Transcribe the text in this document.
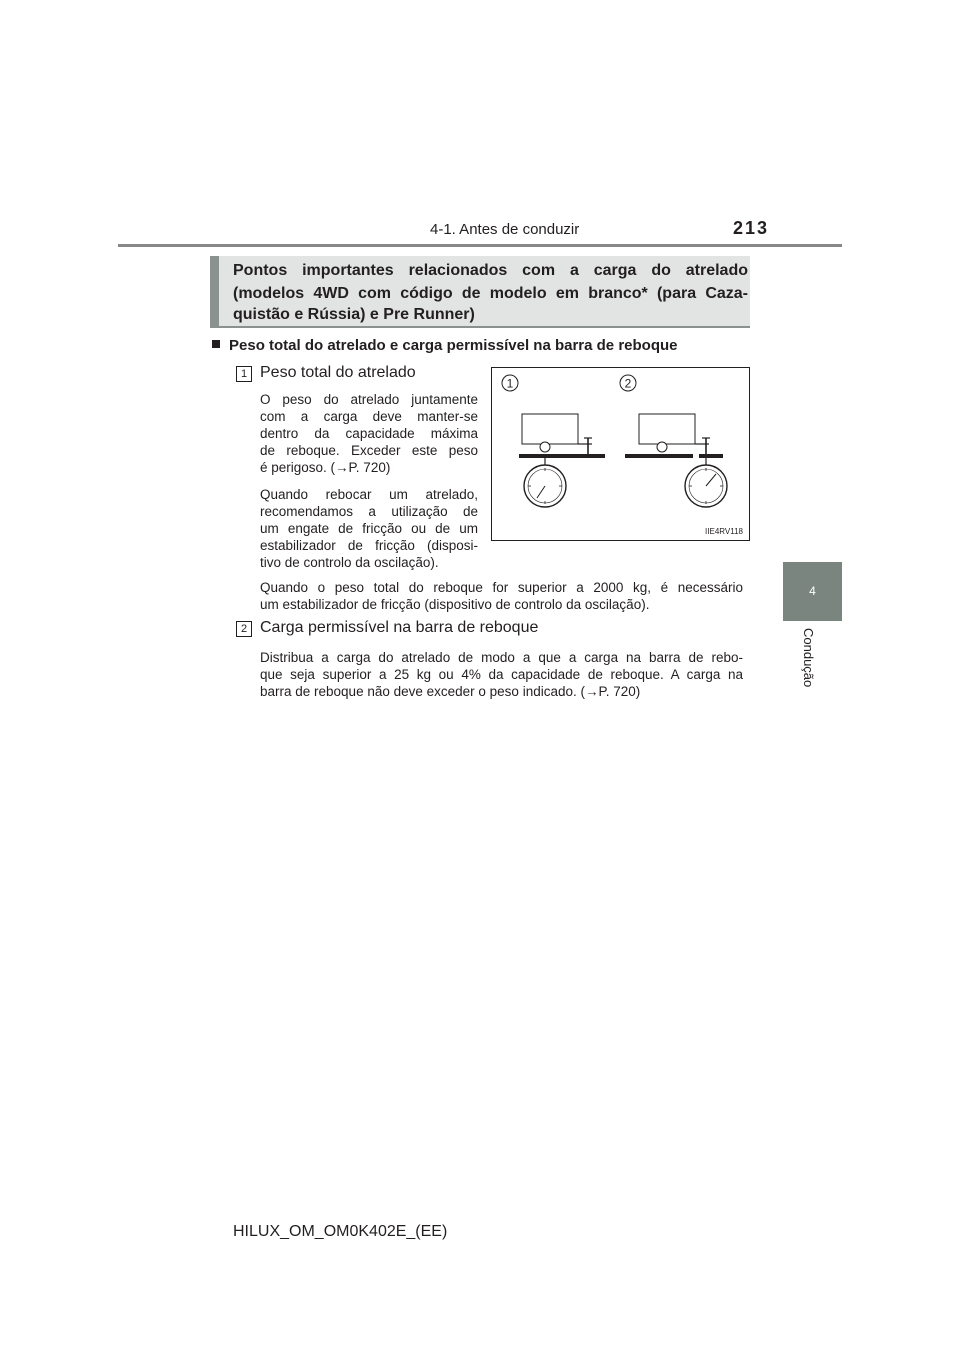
4-1. Antes de conduzir	213
4
Condução
Pontos importantes relacionados com a carga do atrelado
(modelos 4WD com código de modelo em branco* (para Caza-
quistão e Rússia) e Pre Runner)
Peso total do atrelado e carga permissível na barra de reboque
1 Peso total do atrelado
O peso do atrelado juntamente
com a carga deve manter-se
dentro da capacidade máxima
de reboque. Exceder este peso
é perigoso. (→P. 720)
Quando rebocar um atrelado,
recomendamos a utilização de
um engate de fricção ou de um
estabilizador de fricção (disposi-
tivo de controlo da oscilação).
Quando o peso total do reboque for superior a 2000 kg, é necessário
um estabilizador de fricção (dispositivo de controlo da oscilação).
1	2
IIE4RV118
2 Carga permissível na barra de reboque
Distribua a carga do atrelado de modo a que a carga na barra de rebo-
que seja superior a 25 kg ou 4% da capacidade de reboque. A carga na
barra de reboque não deve exceder o peso indicado. (→P. 720)
HILUX_OM_OM0K402E_(EE)
